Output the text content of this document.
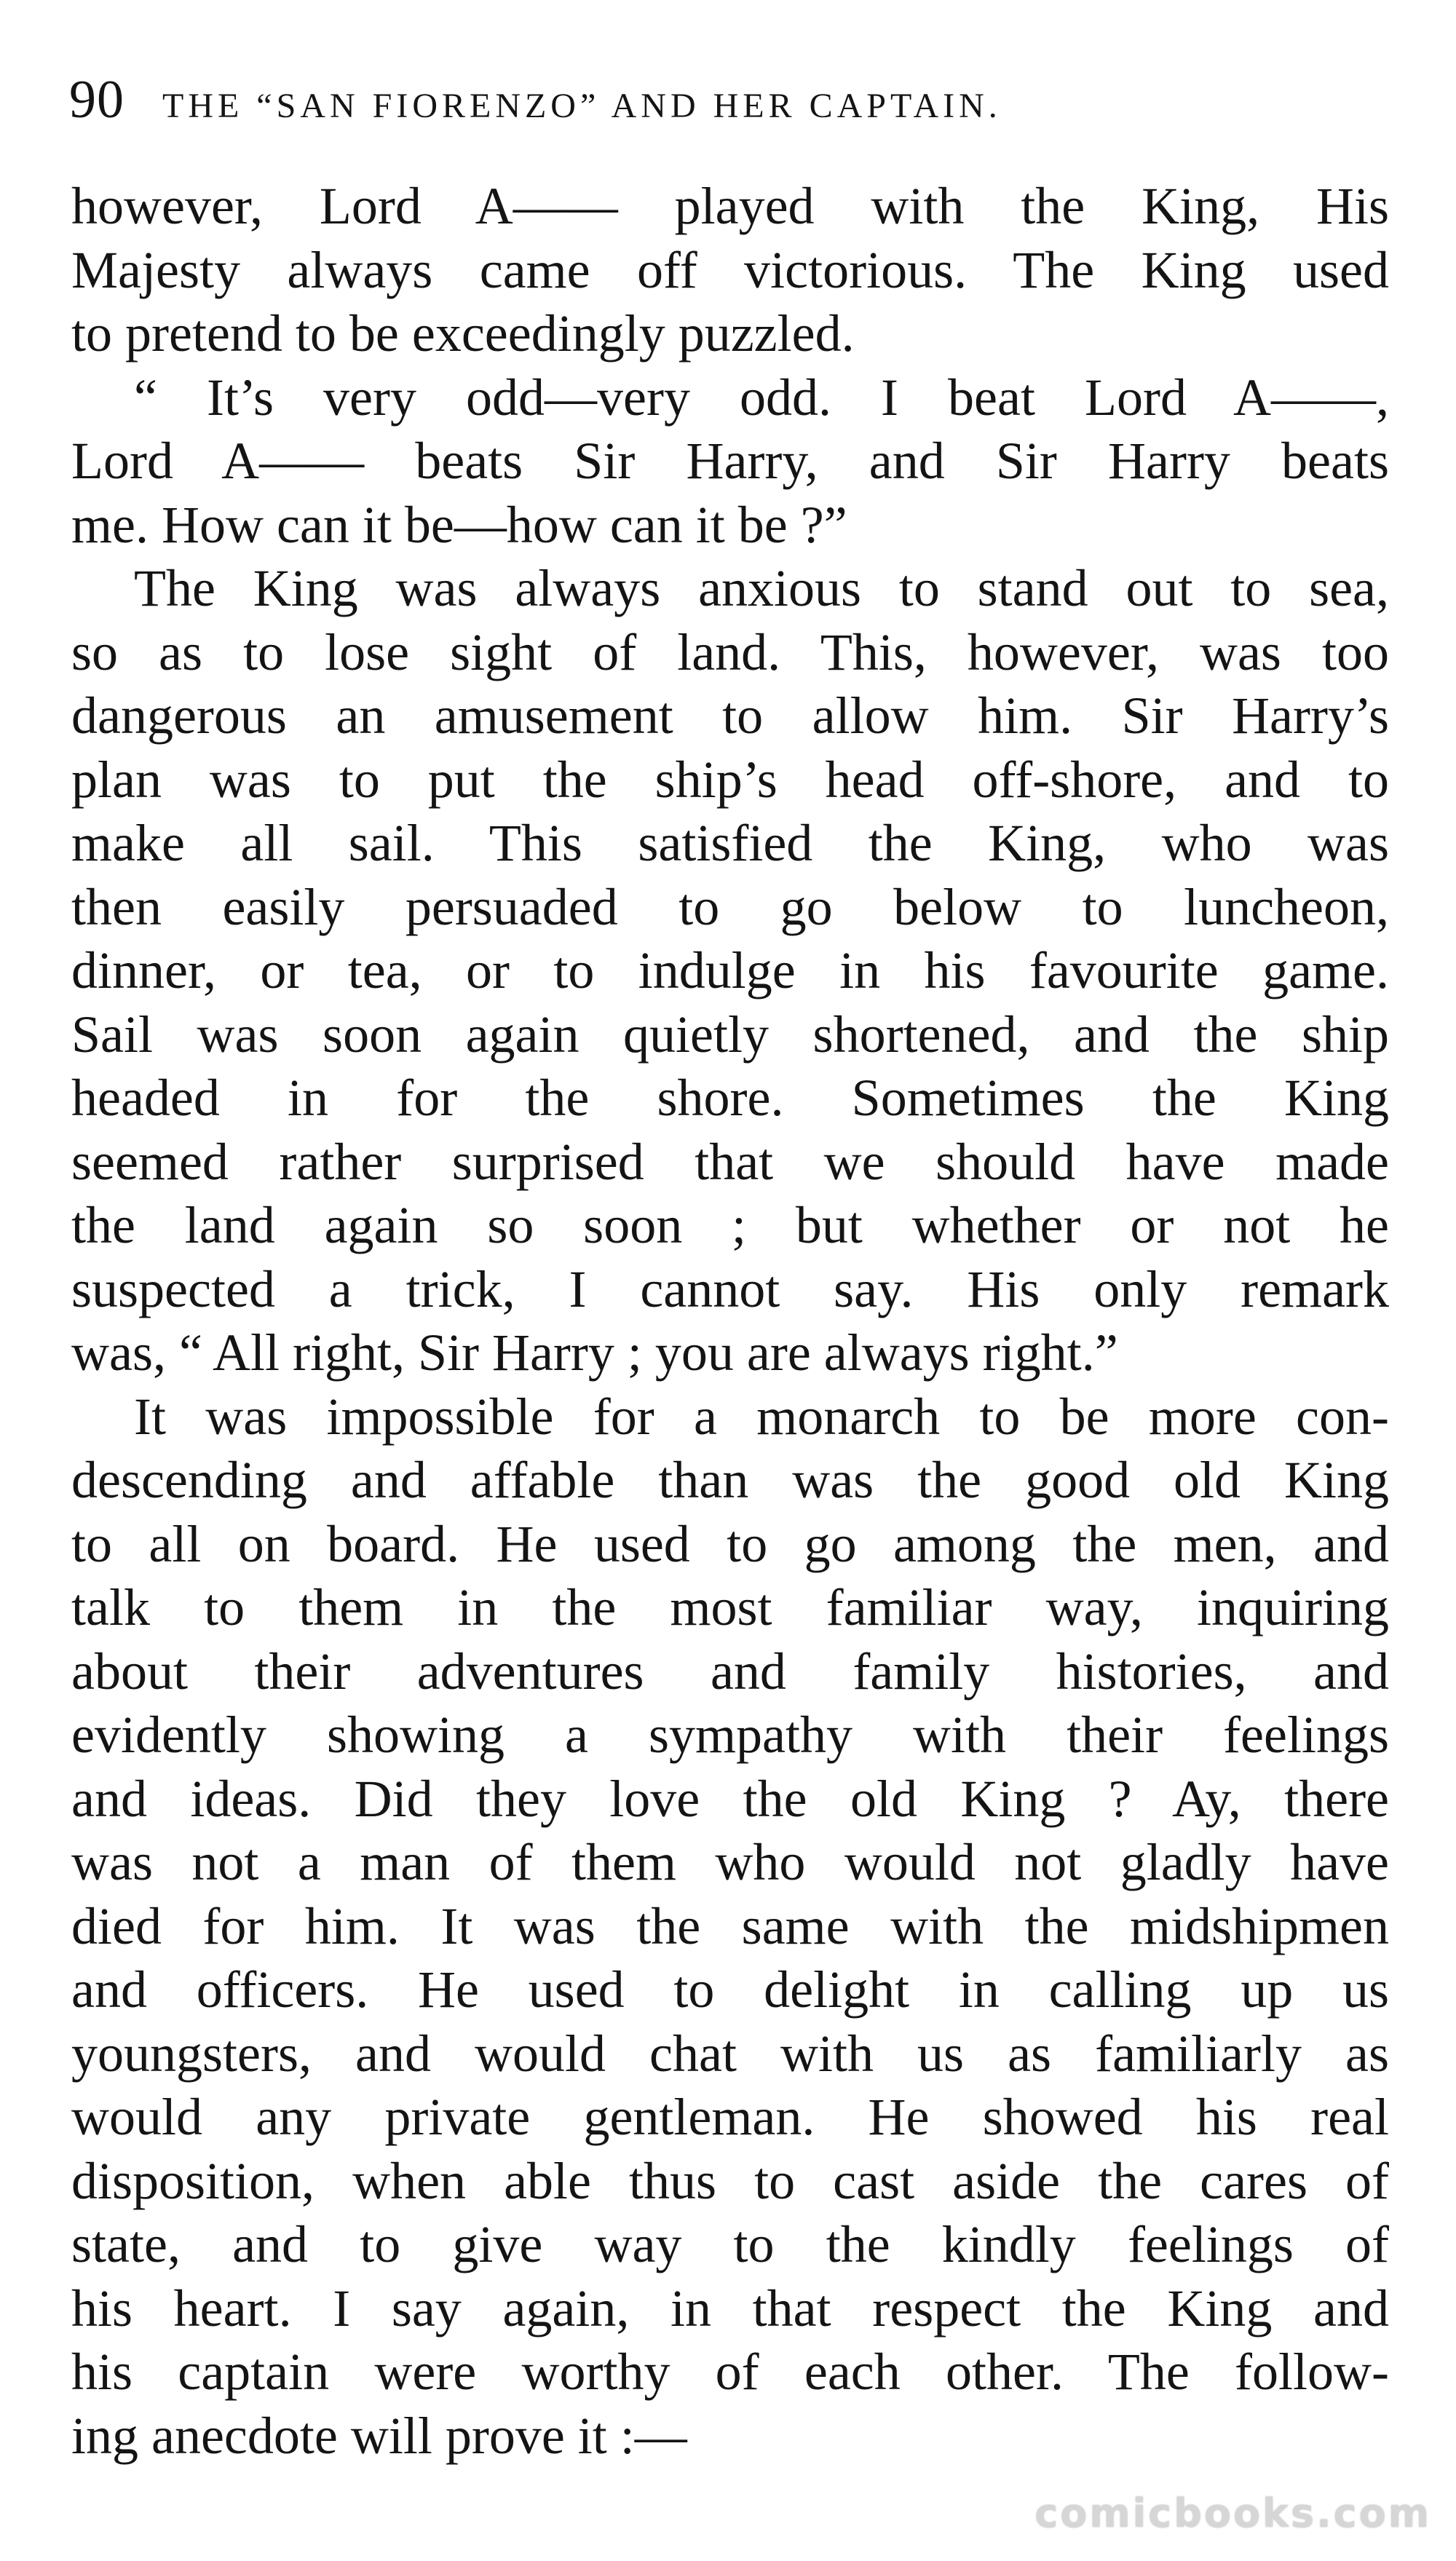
90 THE “SAN FIORENZO” AND HER CAPTAIN.
however, Lord A—— played with the King, His
Majesty always came off victorious. The King used
to pretend to be exceedingly puzzled.
“ It’s very odd—very odd. I beat Lord A——,
Lord A—— beats Sir Harry, and Sir Harry beats
me. How can it be—how can it be ?”
The King was always anxious to stand out to sea,
so as to lose sight of land. This, however, was too
dangerous an amusement to allow him. Sir Harry’s
plan was to put the ship’s head off-shore, and to
make all sail. This satisfied the King, who was
then easily persuaded to go below to luncheon,
dinner, or tea, or to indulge in his favourite game.
Sail was soon again quietly shortened, and the ship
headed in for the shore. Sometimes the King
seemed rather surprised that we should have made
the land again so soon ; but whether or not he
suspected a trick, I cannot say. His only remark
was, “ All right, Sir Harry ; you are always right.”
It was impossible for a monarch to be more con-
descending and affable than was the good old King
to all on board. He used to go among the men, and
talk to them in the most familiar way, inquiring
about their adventures and family histories, and
evidently showing a sympathy with their feelings
and ideas. Did they love the old King ? Ay, there
was not a man of them who would not gladly have
died for him. It was the same with the midshipmen
and officers. He used to delight in calling up us
youngsters, and would chat with us as familiarly as
would any private gentleman. He showed his real
disposition, when able thus to cast aside the cares of
state, and to give way to the kindly feelings of
his heart. I say again, in that respect the King and
his captain were worthy of each other. The follow-
ing anecdote will prove it :—
comicbooks.com
